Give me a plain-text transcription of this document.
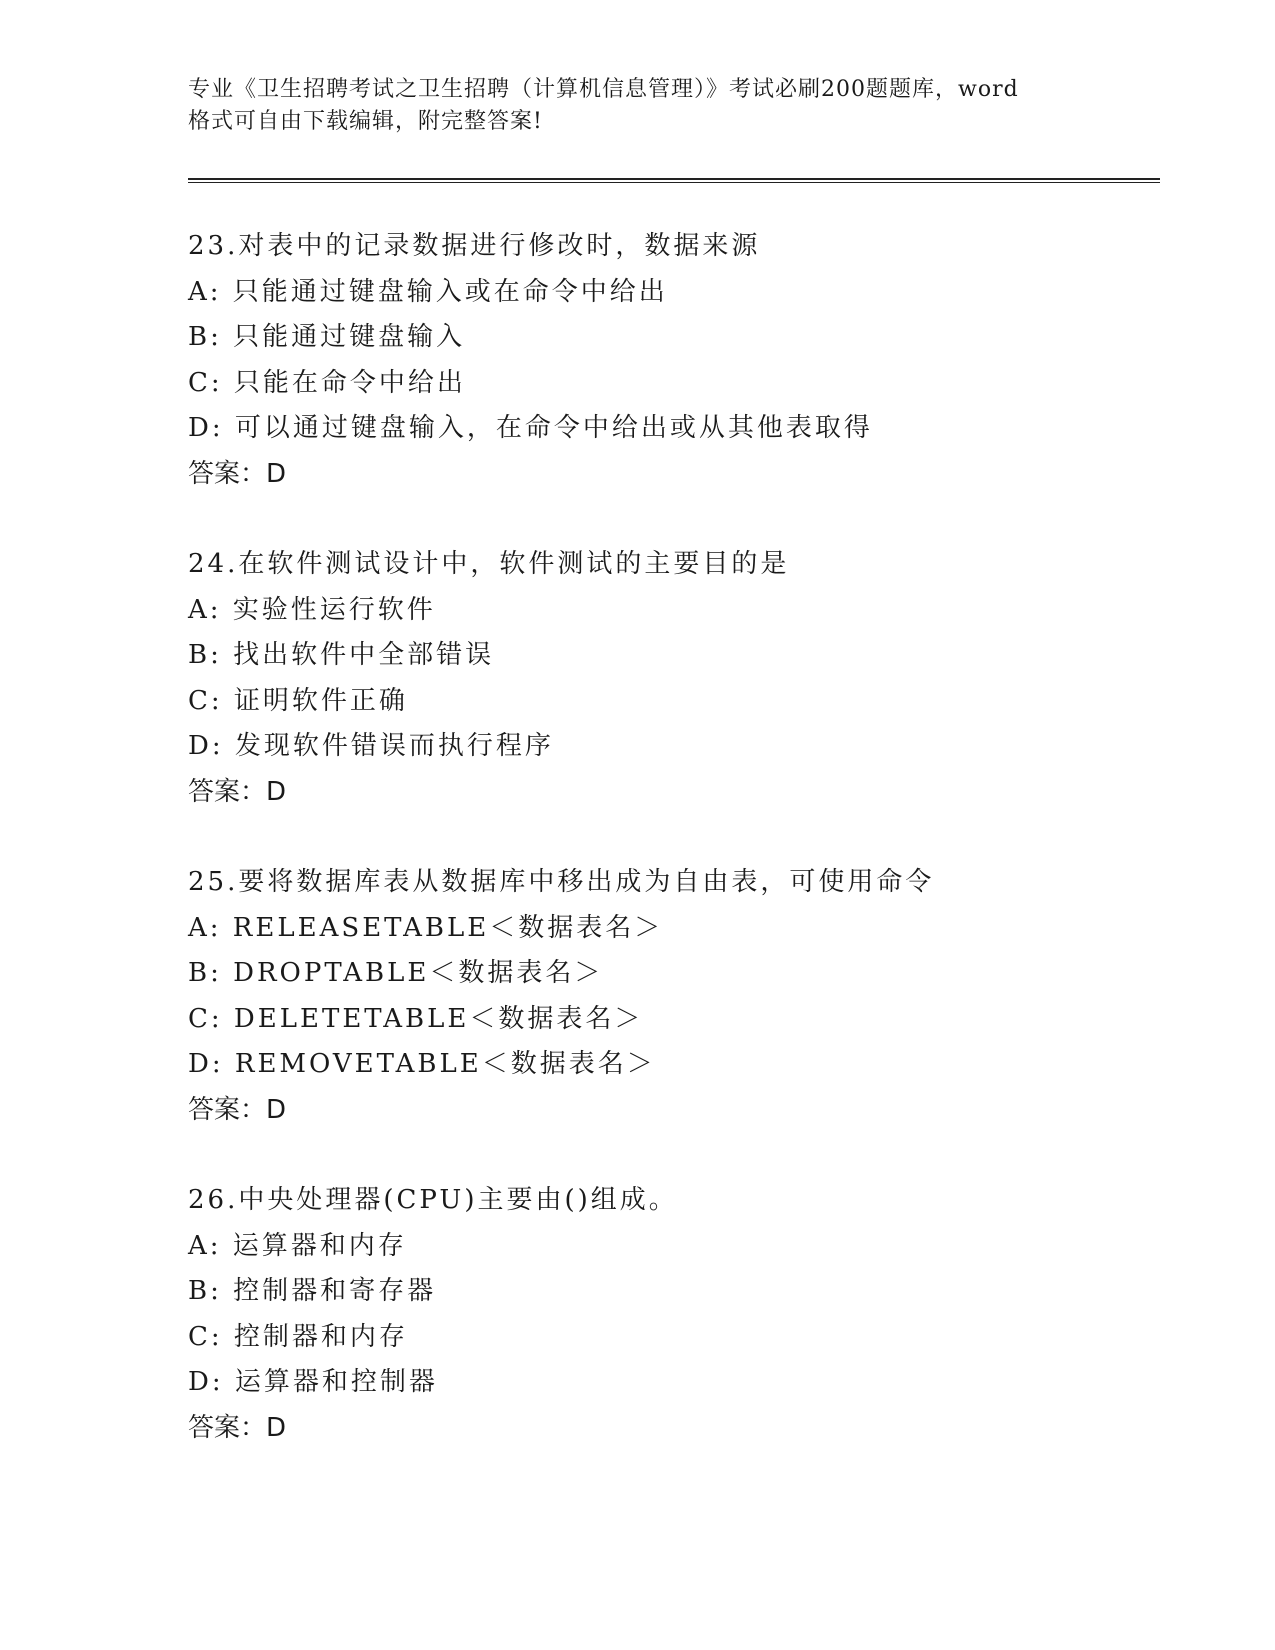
专业《卫生招聘考试之卫生招聘（计算机信息管理）》考试必刷200题题库，word
格式可自由下载编辑，附完整答案!
23.对表中的记录数据进行修改时，数据来源
A: 只能通过键盘输入或在命令中给出
B: 只能通过键盘输入
C: 只能在命令中给出
D: 可以通过键盘输入，在命令中给出或从其他表取得
答案：D
24.在软件测试设计中，软件测试的主要目的是
A: 实验性运行软件
B: 找出软件中全部错误
C: 证明软件正确
D: 发现软件错误而执行程序
答案：D
25.要将数据库表从数据库中移出成为自由表，可使用命令
A: RELEASETABLE＜数据表名＞
B: DROPTABLE＜数据表名＞
C: DELETETABLE＜数据表名＞
D: REMOVETABLE＜数据表名＞
答案：D
26.中央处理器(CPU)主要由()组成。
A: 运算器和内存
B: 控制器和寄存器
C: 控制器和内存
D: 运算器和控制器
答案：D
